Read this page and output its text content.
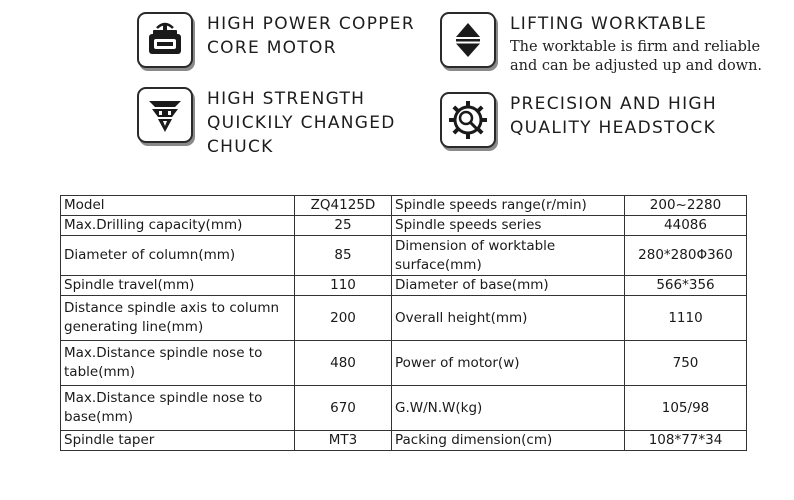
HIGH POWER COPPER
CORE MOTOR
LIFTING WORKTABLE
The worktable is firm and reliable and can be adjusted up and down.
HIGH STRENGTH
QUICKILY CHANGED
CHUCK
PRECISION AND HIGH
QUALITY HEADSTOCK
Model	ZQ4125D	Spindle speeds range(r/min)	200~2280
Max.Drilling capacity(mm)	25	Spindle speeds series	44086
Diameter of column(mm)	85	Dimension of worktable surface(mm)	280*280Φ360
Spindle travel(mm)	110	Diameter of base(mm)	566*356
Distance spindle axis to column generating line(mm)	200	Overall height(mm)	1110
Max.Distance spindle nose to table(mm)	480	Power of motor(w)	750
Max.Distance spindle nose to base(mm)	670	G.W/N.W(kg)	105/98
Spindle taper	MT3	Packing dimension(cm)	108*77*34
